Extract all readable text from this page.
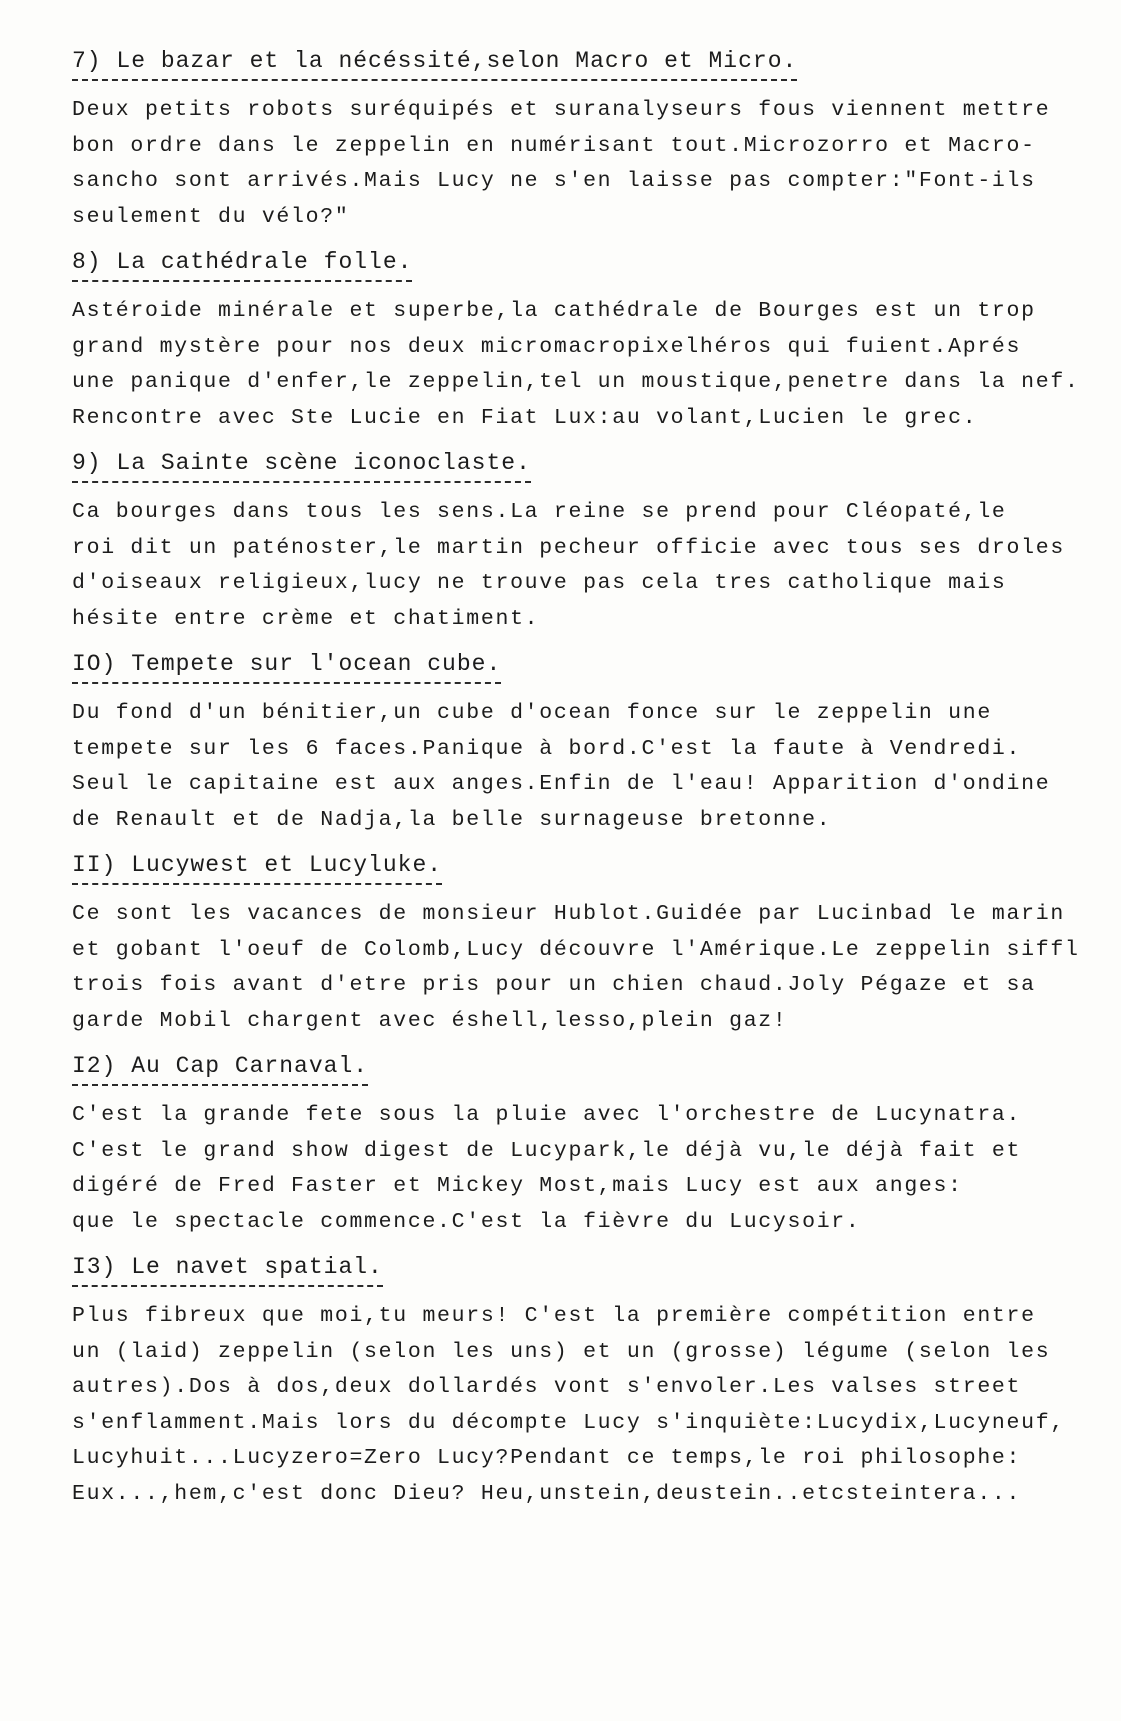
7) Le bazar et la nécéssité,selon Macro et Micro.
Deux petits robots suréquipés et suranalyseurs fous viennent mettre
bon ordre dans le zeppelin en numérisant tout.Microzorro et Macro-
sancho sont arrivés.Mais Lucy ne s'en laisse pas compter:"Font-ils
seulement du vélo?"
8) La cathédrale folle.
Astéroide minérale et superbe,la cathédrale de Bourges est un trop
grand mystère pour nos deux micromacropixelhéros qui fuient.Aprés
une panique d'enfer,le zeppelin,tel un moustique,penetre dans la nef.
Rencontre avec Ste Lucie en Fiat Lux:au volant,Lucien le grec.
9) La Sainte scène iconoclaste.
Ca bourges dans tous les sens.La reine se prend pour Cléopaté,le
roi dit un paténoster,le martin pecheur officie avec tous ses droles
d'oiseaux religieux,lucy ne trouve pas cela tres catholique mais
hésite entre crème et chatiment.
IO) Tempete sur l'ocean cube.
Du fond d'un bénitier,un cube d'ocean fonce sur le zeppelin une
tempete sur les 6 faces.Panique à bord.C'est la faute à Vendredi.
Seul le capitaine est aux anges.Enfin de l'eau! Apparition d'ondine
de Renault et de Nadja,la belle surnageuse bretonne.
II) Lucywest et Lucyluke.
Ce sont les vacances de monsieur Hublot.Guidée par Lucinbad le marin
et gobant l'oeuf de Colomb,Lucy découvre l'Amérique.Le zeppelin siffl
trois fois avant d'etre pris pour un chien chaud.Joly Pégaze et sa
garde Mobil chargent avec éshell,lesso,plein gaz!
I2) Au Cap Carnaval.
C'est la grande fete sous la pluie avec l'orchestre de Lucynatra.
C'est le grand show digest de Lucypark,le déjà vu,le déjà fait et
digéré de Fred Faster et Mickey Most,mais Lucy est aux anges:
que le spectacle commence.C'est la fièvre du Lucysoir.
I3) Le navet spatial.
Plus fibreux que moi,tu meurs! C'est la première compétition entre
un (laid) zeppelin (selon les uns) et un (grosse) légume (selon les
autres).Dos à dos,deux dollardés vont s'envoler.Les valses street
s'enflamment.Mais lors du décompte Lucy s'inquiète:Lucydix,Lucyneuf,
Lucyhuit...Lucyzero=Zero Lucy?Pendant ce temps,le roi philosophe:
Eux...,hem,c'est donc Dieu? Heu,unstein,deustein..etcsteintera...
